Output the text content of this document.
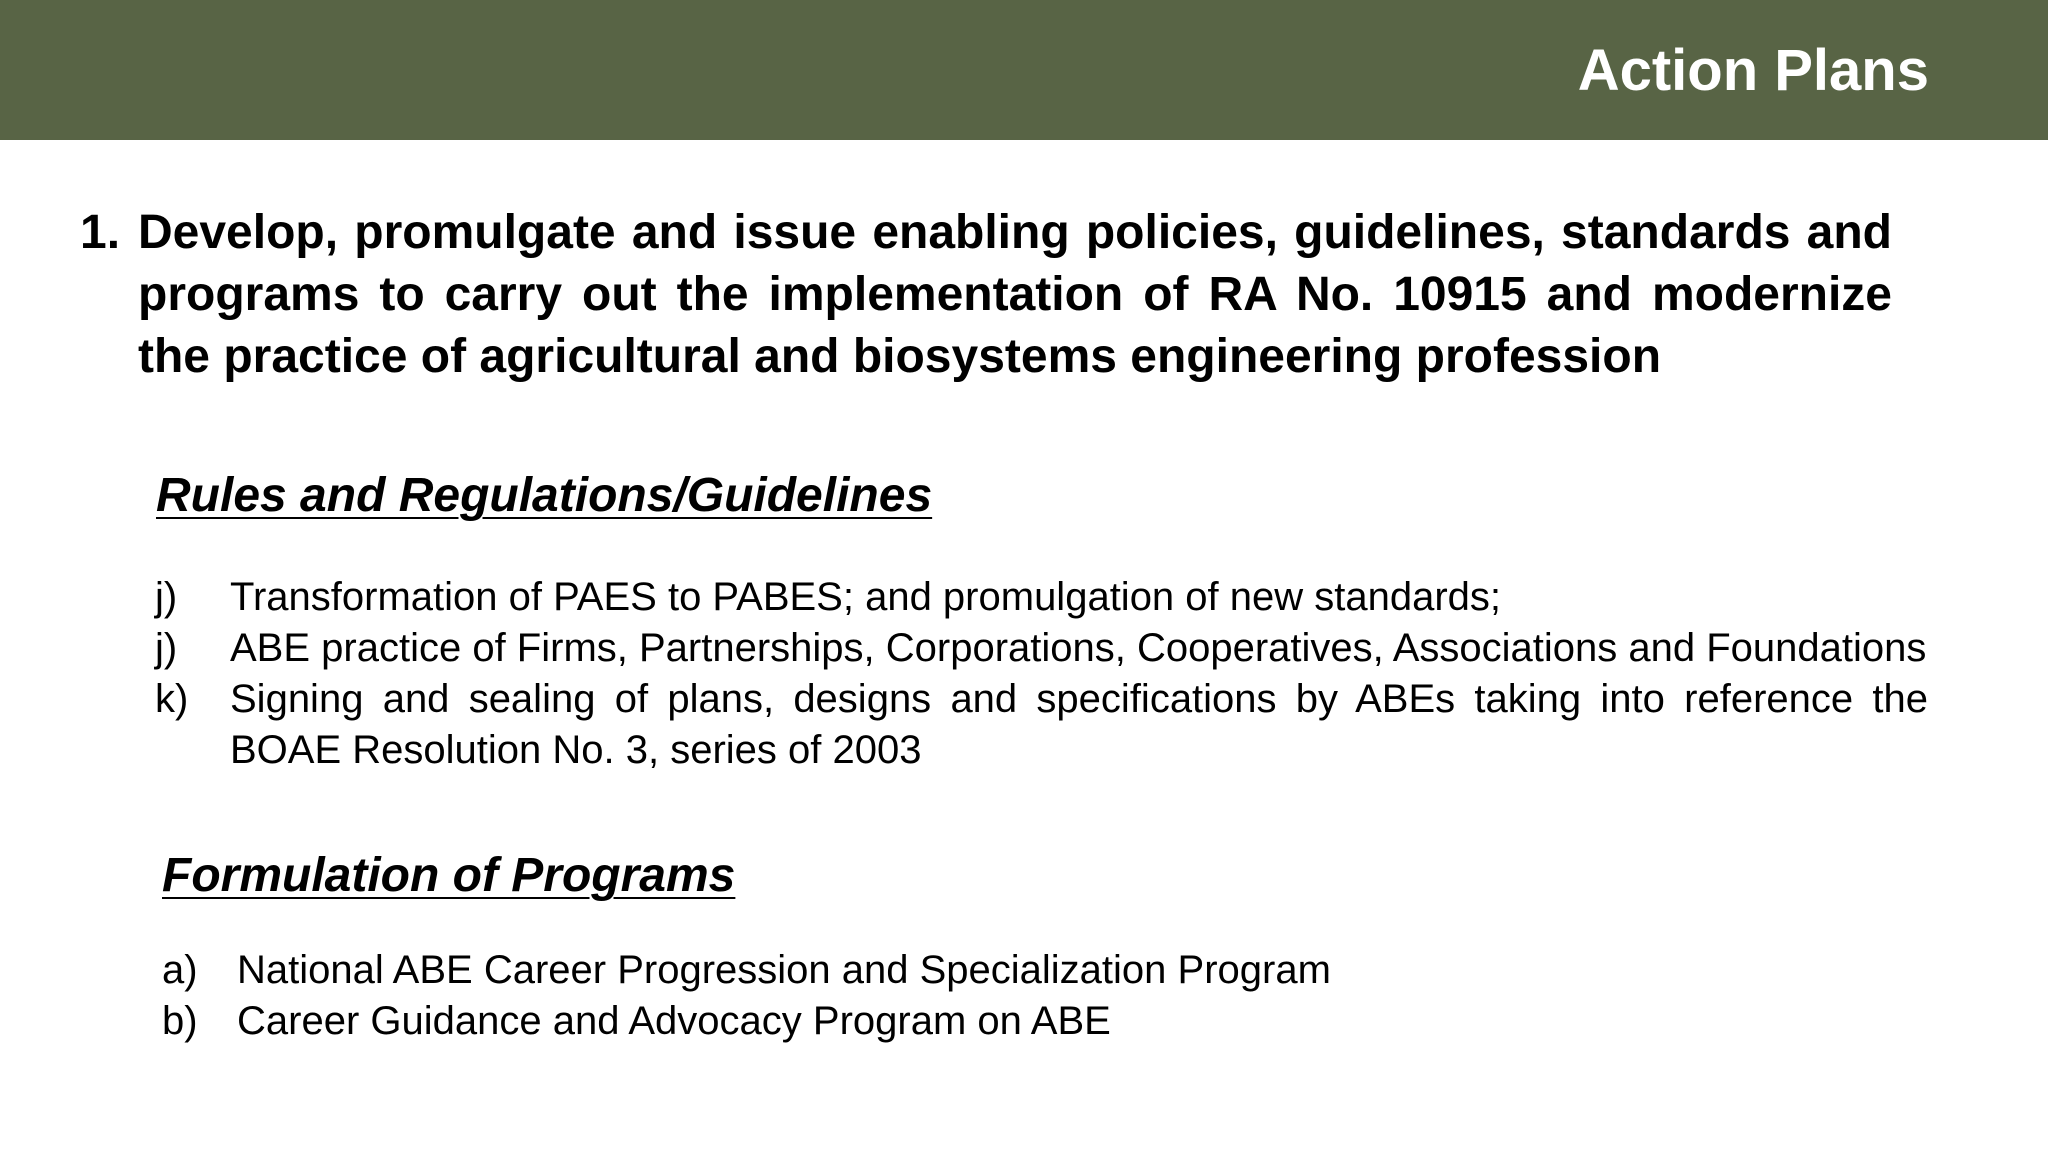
Action Plans
1. Develop, promulgate and issue enabling policies, guidelines, standards and programs to carry out the implementation of RA No. 10915 and modernize the practice of agricultural and biosystems engineering profession
Rules and Regulations/Guidelines
j) Transformation of PAES to PABES; and promulgation of new standards;
j) ABE practice of Firms, Partnerships, Corporations, Cooperatives, Associations and Foundations
k) Signing and sealing of plans, designs and specifications by ABEs taking into reference the BOAE Resolution No. 3, series of 2003
Formulation of Programs
a) National ABE Career Progression and Specialization Program
b) Career Guidance and Advocacy Program on ABE
